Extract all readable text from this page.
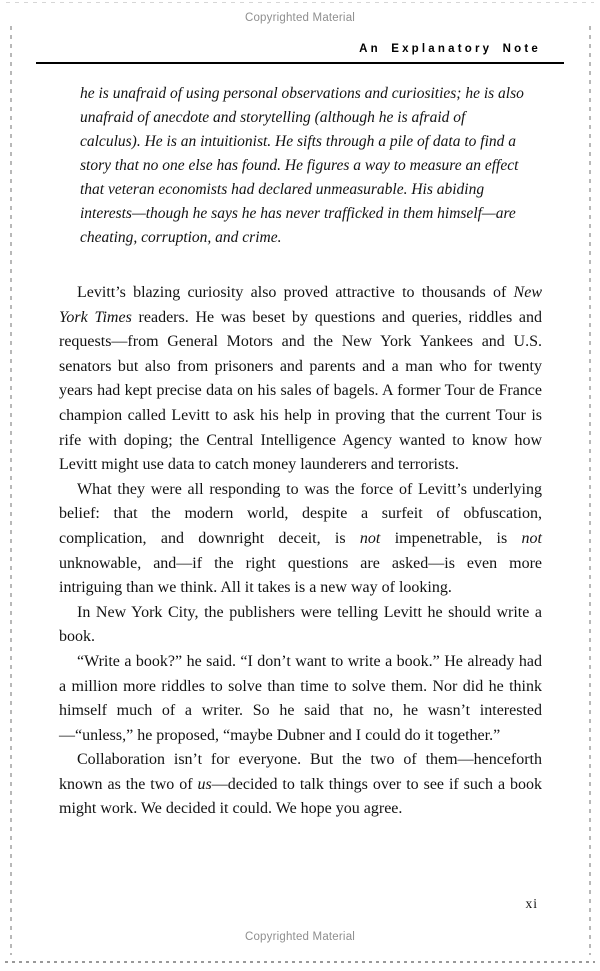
Copyrighted Material
An Explanatory Note
he is unafraid of using personal observations and curiosities; he is also unafraid of anecdote and storytelling (although he is afraid of calculus). He is an intuitionist. He sifts through a pile of data to find a story that no one else has found. He figures a way to measure an effect that veteran economists had declared unmeasurable. His abiding interests—though he says he has never trafficked in them himself—are cheating, corruption, and crime.

Levitt’s blazing curiosity also proved attractive to thousands of New York Times readers. He was beset by questions and queries, riddles and requests—from General Motors and the New York Yankees and U.S. senators but also from prisoners and parents and a man who for twenty years had kept precise data on his sales of bagels. A former Tour de France champion called Levitt to ask his help in proving that the current Tour is rife with doping; the Central Intelligence Agency wanted to know how Levitt might use data to catch money launderers and terrorists.

What they were all responding to was the force of Levitt’s underlying belief: that the modern world, despite a surfeit of obfuscation, complication, and downright deceit, is not impenetrable, is not unknowable, and—if the right questions are asked—is even more intriguing than we think. All it takes is a new way of looking.

In New York City, the publishers were telling Levitt he should write a book.

“Write a book?” he said. “I don’t want to write a book.” He already had a million more riddles to solve than time to solve them. Nor did he think himself much of a writer. So he said that no, he wasn’t interested—“unless,” he proposed, “maybe Dubner and I could do it together.”

Collaboration isn’t for everyone. But the two of them—henceforth known as the two of us—decided to talk things over to see if such a book might work. We decided it could. We hope you agree.

xi
Copyrighted Material
